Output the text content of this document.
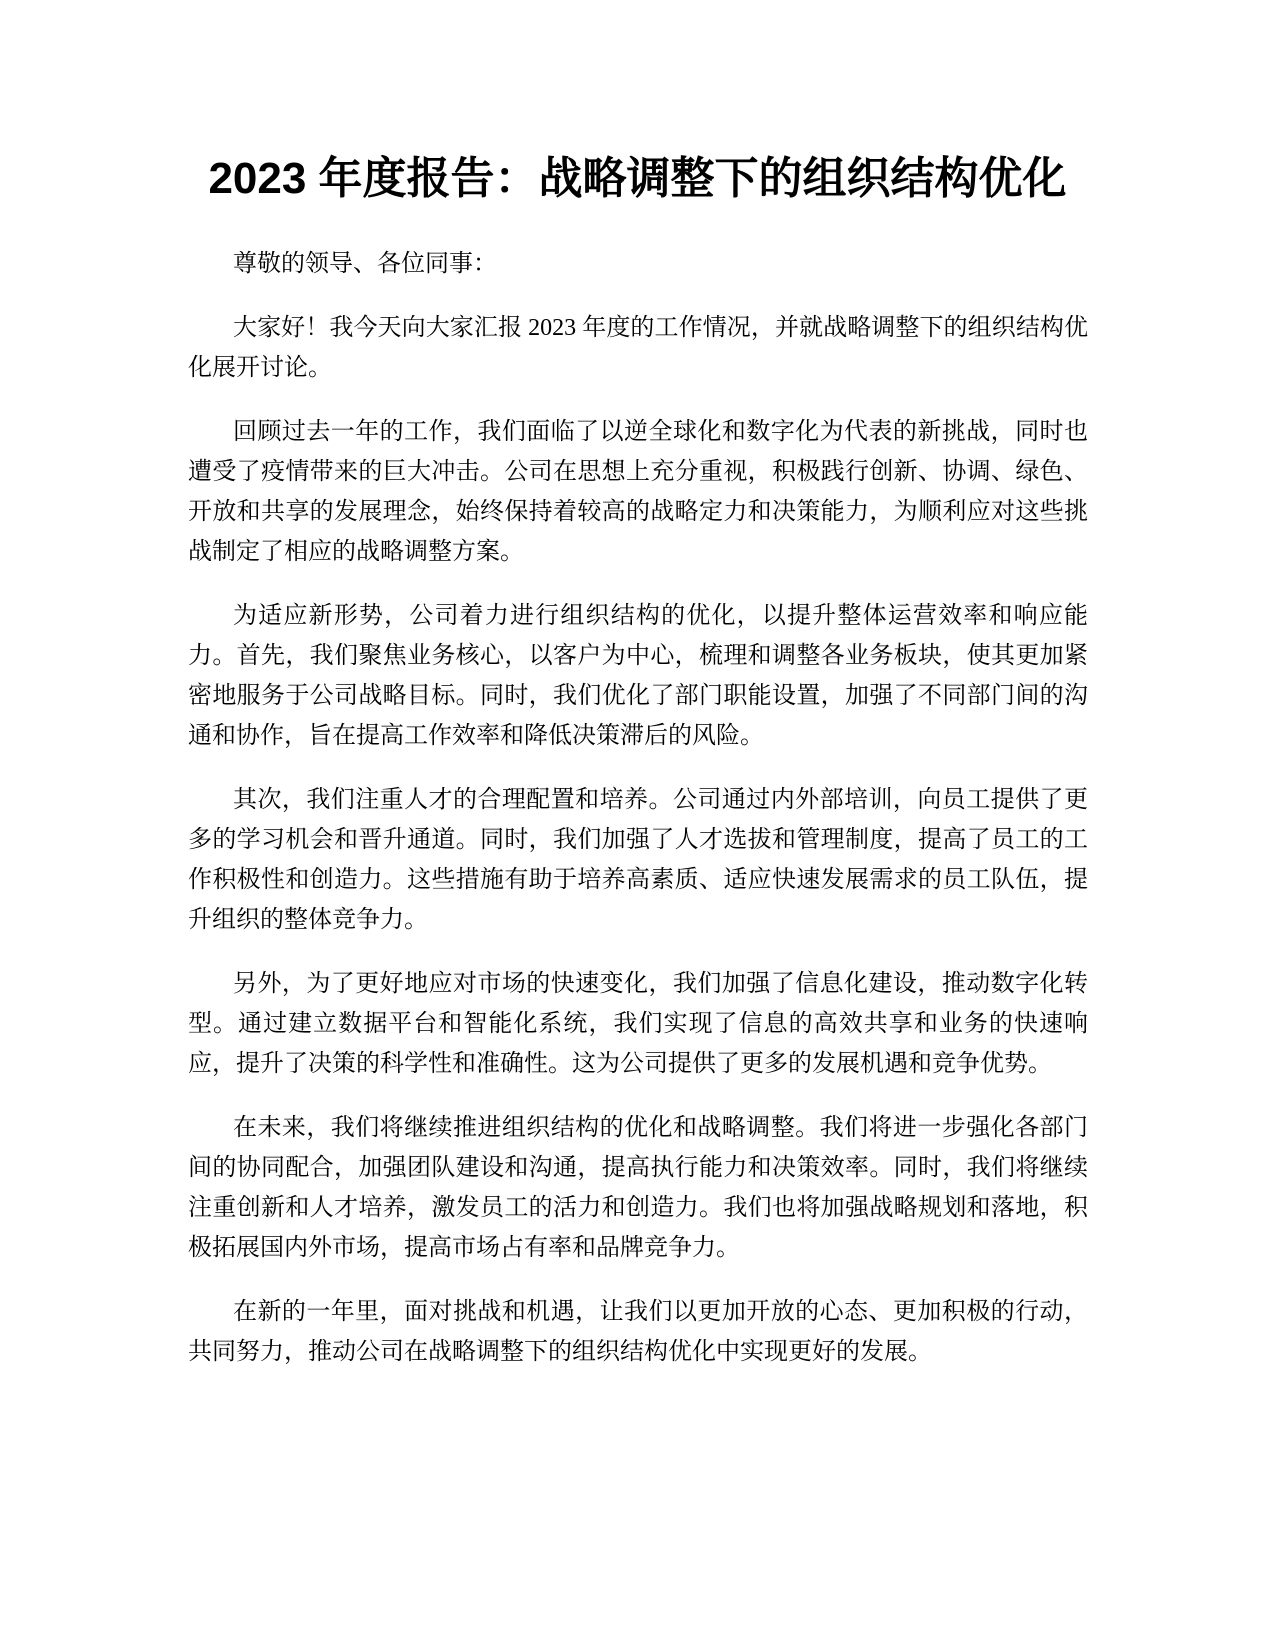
2023 年度报告：战略调整下的组织结构优化

尊敬的领导、各位同事：

大家好！我今天向大家汇报 2023 年度的工作情况，并就战略调整下的组织结构优化展开讨论。

回顾过去一年的工作，我们面临了以逆全球化和数字化为代表的新挑战，同时也遭受了疫情带来的巨大冲击。公司在思想上充分重视，积极践行创新、协调、绿色、开放和共享的发展理念，始终保持着较高的战略定力和决策能力，为顺利应对这些挑战制定了相应的战略调整方案。

为适应新形势，公司着力进行组织结构的优化，以提升整体运营效率和响应能力。首先，我们聚焦业务核心，以客户为中心，梳理和调整各业务板块，使其更加紧密地服务于公司战略目标。同时，我们优化了部门职能设置，加强了不同部门间的沟通和协作，旨在提高工作效率和降低决策滞后的风险。

其次，我们注重人才的合理配置和培养。公司通过内外部培训，向员工提供了更多的学习机会和晋升通道。同时，我们加强了人才选拔和管理制度，提高了员工的工作积极性和创造力。这些措施有助于培养高素质、适应快速发展需求的员工队伍，提升组织的整体竞争力。

另外，为了更好地应对市场的快速变化，我们加强了信息化建设，推动数字化转型。通过建立数据平台和智能化系统，我们实现了信息的高效共享和业务的快速响应，提升了决策的科学性和准确性。这为公司提供了更多的发展机遇和竞争优势。

在未来，我们将继续推进组织结构的优化和战略调整。我们将进一步强化各部门间的协同配合，加强团队建设和沟通，提高执行能力和决策效率。同时，我们将继续注重创新和人才培养，激发员工的活力和创造力。我们也将加强战略规划和落地，积极拓展国内外市场，提高市场占有率和品牌竞争力。

在新的一年里，面对挑战和机遇，让我们以更加开放的心态、更加积极的行动，共同努力，推动公司在战略调整下的组织结构优化中实现更好的发展。
